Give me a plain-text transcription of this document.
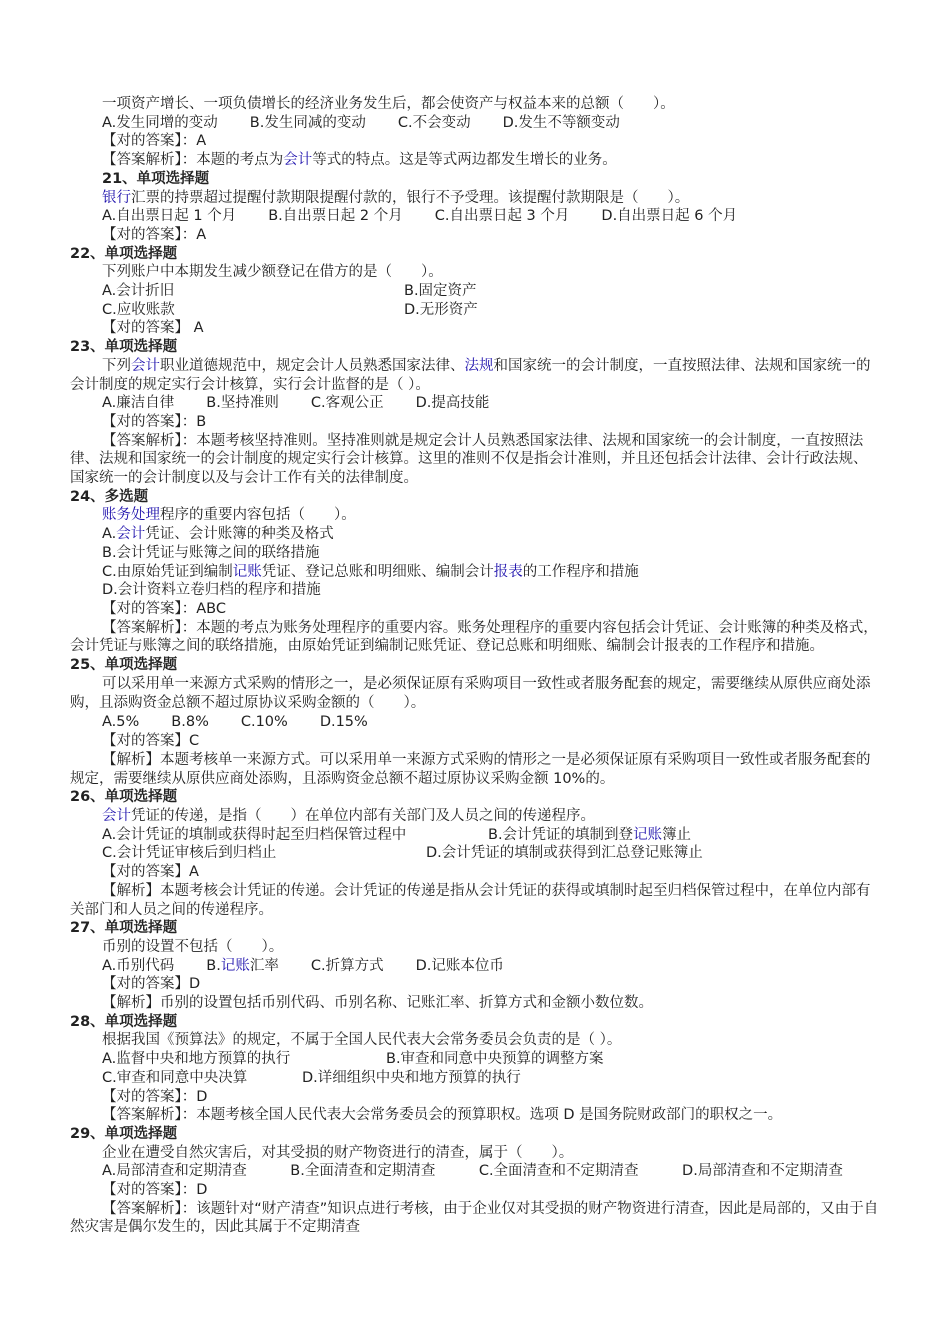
一项资产增长、一项负债增长的经济业务发生后，都会使资产与权益本来的总额（　　）。
A.发生同增的变动 B.发生同减的变动 C.不会变动 D.发生不等额变动
【对的答案】：A
【答案解析】：本题的考点为会计等式的特点。这是等式两边都发生增长的业务。
21、单项选择题
银行汇票的持票超过提醒付款期限提醒付款的，银行不予受理。该提醒付款期限是（　　）。
A.自出票日起 1 个月 B.自出票日起 2 个月 C.自出票日起 3 个月 D.自出票日起 6 个月
【对的答案】：A
22、单项选择题
下列账户中本期发生减少额登记在借方的是（　　）。
A.会计折旧	B.固定资产
C.应收账款	D.无形资产
【对的答案】 A
23、单项选择题
下列会计职业道德规范中，规定会计人员熟悉国家法律、法规和国家统一的会计制度，一直按照法律、法规和国家统一的会计制度的规定实行会计核算，实行会计监督的是（ ）。
A.廉洁自律 B.坚持准则 C.客观公正 D.提高技能
【对的答案】：B
【答案解析】：本题考核坚持准则。坚持准则就是规定会计人员熟悉国家法律、法规和国家统一的会计制度，一直按照法律、法规和国家统一的会计制度的规定实行会计核算。这里的准则不仅是指会计准则，并且还包括会计法律、会计行政法规、国家统一的会计制度以及与会计工作有关的法律制度。
24、多选题
账务处理程序的重要内容包括（　　）。
A.会计凭证、会计账簿的种类及格式
B.会计凭证与账簿之间的联络措施
C.由原始凭证到编制记账凭证、登记总账和明细账、编制会计报表的工作程序和措施
D.会计资料立卷归档的程序和措施
【对的答案】：ABC
【答案解析】：本题的考点为账务处理程序的重要内容。账务处理程序的重要内容包括会计凭证、会计账簿的种类及格式，会计凭证与账簿之间的联络措施，由原始凭证到编制记账凭证、登记总账和明细账、编制会计报表的工作程序和措施。
25、单项选择题
可以采用单一来源方式采购的情形之一，是必须保证原有采购项目一致性或者服务配套的规定，需要继续从原供应商处添购，且添购资金总额不超过原协议采购金额的（　　）。
A.5% B.8% C.10% D.15%
【对的答案】C
【解析】本题考核单一来源方式。可以采用单一来源方式采购的情形之一是必须保证原有采购项目一致性或者服务配套的规定，需要继续从原供应商处添购，且添购资金总额不超过原协议采购金额 10%的。
26、单项选择题
会计凭证的传递，是指（　　）在单位内部有关部门及人员之间的传递程序。
A.会计凭证的填制或获得时起至归档保管过程中	B.会计凭证的填制到登记账簿止
C.会计凭证审核后到归档止	D.会计凭证的填制或获得到汇总登记账簿止
【对的答案】A
【解析】本题考核会计凭证的传递。会计凭证的传递是指从会计凭证的获得或填制时起至归档保管过程中，在单位内部有关部门和人员之间的传递程序。
27、单项选择题
币别的设置不包括（　　）。
A.币别代码 B.记账汇率 C.折算方式 D.记账本位币
【对的答案】D
【解析】币别的设置包括币别代码、币别名称、记账汇率、折算方式和金额小数位数。
28、单项选择题
根据我国《预算法》的规定，不属于全国人民代表大会常务委员会负责的是（ ）。
A.监督中央和地方预算的执行	B.审查和同意中央预算的调整方案
C.审查和同意中央决算	D.详细组织中央和地方预算的执行
【对的答案】：D
【答案解析】：本题考核全国人民代表大会常务委员会的预算职权。选项 D 是国务院财政部门的职权之一。
29、单项选择题
企业在遭受自然灾害后，对其受损的财产物资进行的清查，属于（　　）。
A.局部清查和定期清查　　　B.全面清查和定期清查　　　C.全面清查和不定期清查　　　D.局部清查和不定期清查
【对的答案】：D
【答案解析】：该题针对“财产清查”知识点进行考核，由于企业仅对其受损的财产物资进行清查，因此是局部的，又由于自然灾害是偶尔发生的，因此其属于不定期清查
